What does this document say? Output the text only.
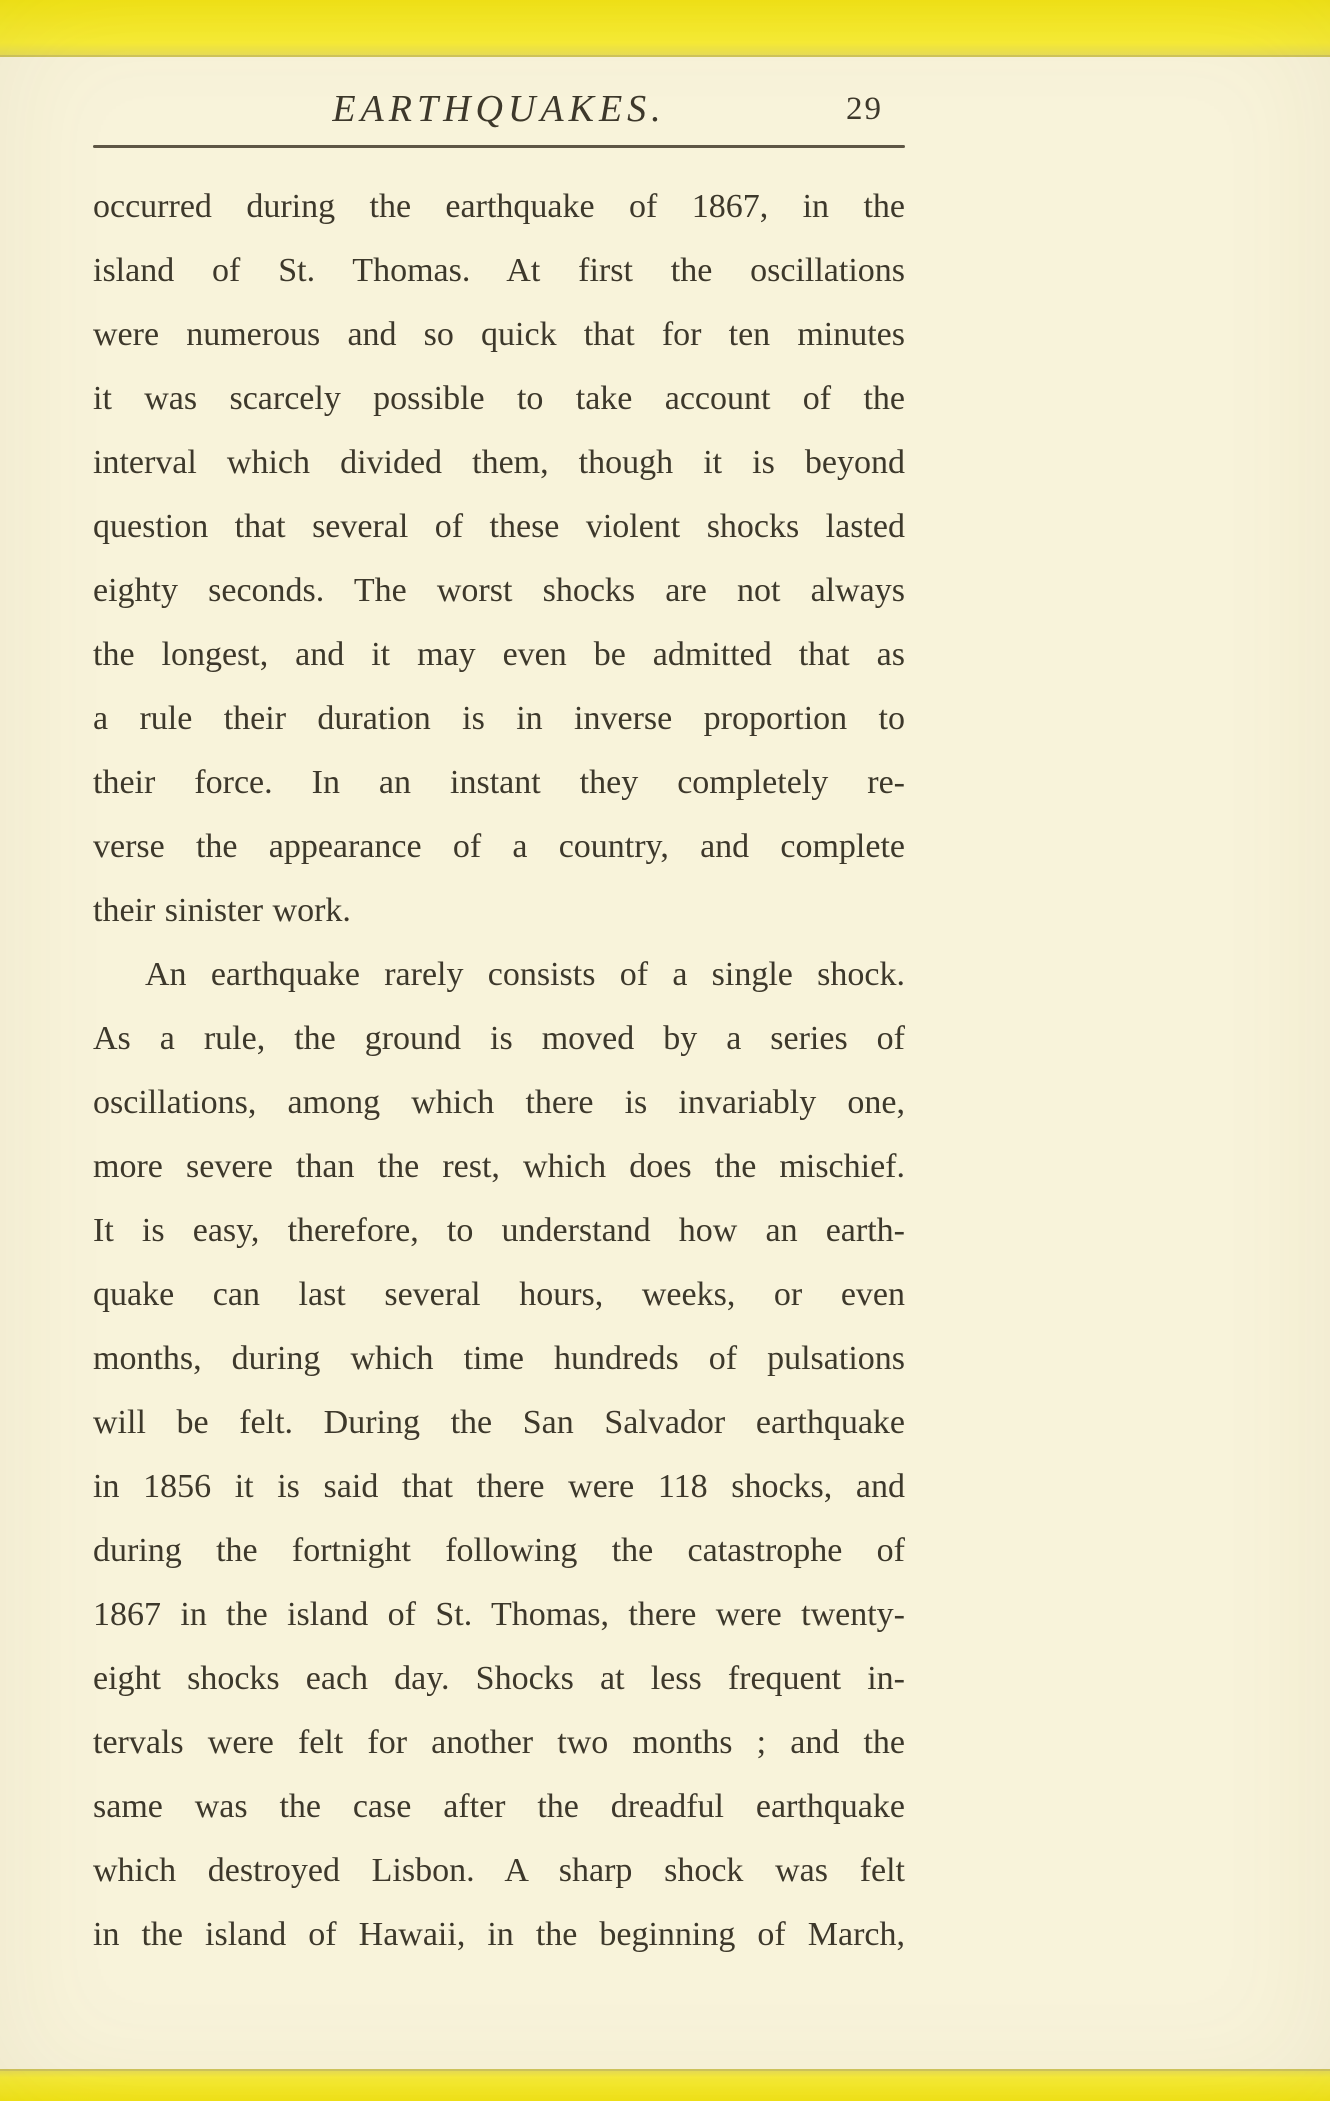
EARTHQUAKES.	29
occurred during the earthquake of 1867, in the
island of St. Thomas. At first the oscillations
were numerous and so quick that for ten minutes
it was scarcely possible to take account of the
interval which divided them, though it is beyond
question that several of these violent shocks lasted
eighty seconds. The worst shocks are not always
the longest, and it may even be admitted that as
a rule their duration is in inverse proportion to
their force. In an instant they completely re-
verse the appearance of a country, and complete
their sinister work.
An earthquake rarely consists of a single shock.
As a rule, the ground is moved by a series of
oscillations, among which there is invariably one,
more severe than the rest, which does the mischief.
It is easy, therefore, to understand how an earth-
quake can last several hours, weeks, or even
months, during which time hundreds of pulsations
will be felt. During the San Salvador earthquake
in 1856 it is said that there were 118 shocks, and
during the fortnight following the catastrophe of
1867 in the island of St. Thomas, there were twenty-
eight shocks each day. Shocks at less frequent in-
tervals were felt for another two months ; and the
same was the case after the dreadful earthquake
which destroyed Lisbon. A sharp shock was felt
in the island of Hawaii, in the beginning of March,
